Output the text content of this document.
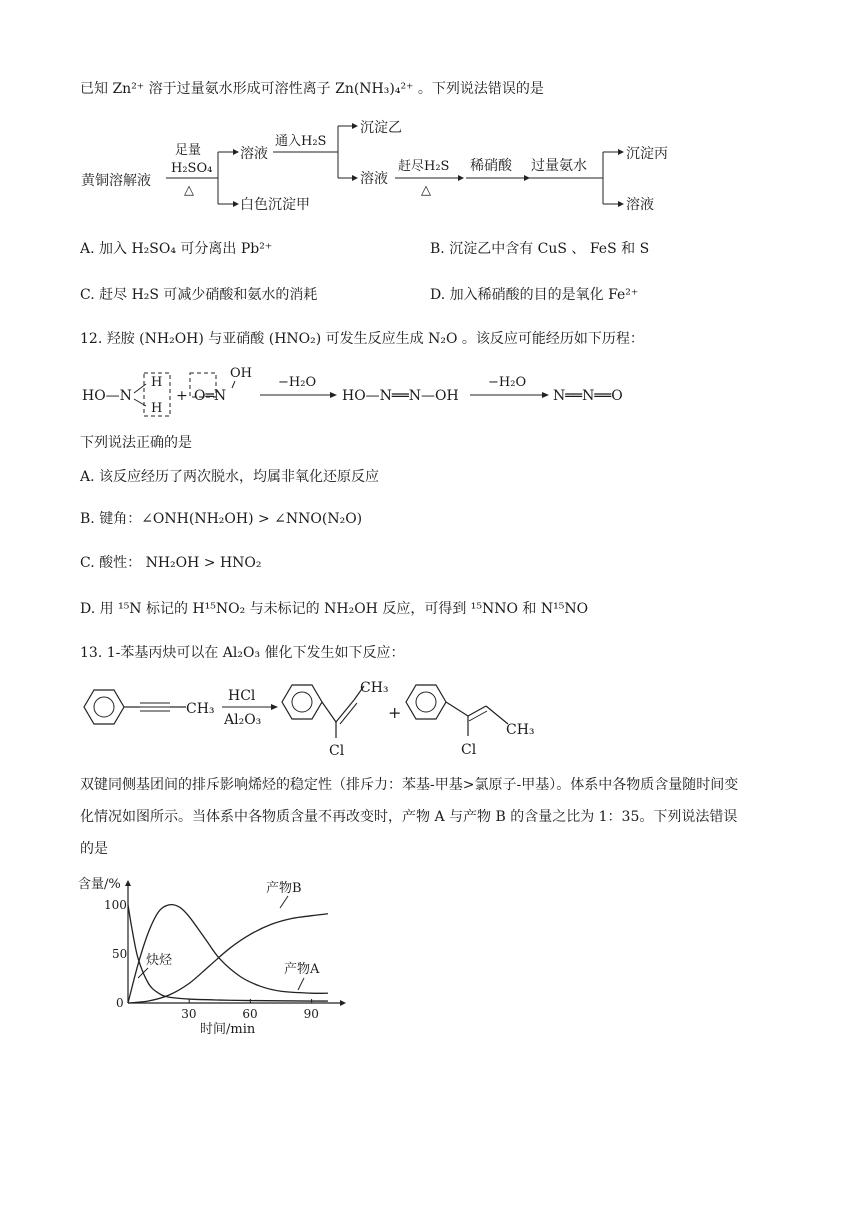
已知 Zn²⁺ 溶于过量氨水形成可溶性离子 Zn(NH₃)₄²⁺ 。下列说法错误的是
黄铜溶解液
足量
H₂SO₄
△
溶液
白色沉淀甲
通入H₂S
沉淀乙
溶液
赶尽H₂S
△
稀硝酸 过量氨水
沉淀丙
溶液
A. 加入 H₂SO₄ 可分离出 Pb²⁺	B. 沉淀乙中含有 CuS 、 FeS 和 S
C. 赶尽 H₂S 可减少硝酸和氨水的消耗	D. 加入稀硝酸的目的是氧化 Fe²⁺
12. 羟胺 (NH₂OH) 与亚硝酸 (HNO₂) 可发生反应生成 N₂O 。该反应可能经历如下历程：
HO—N
H
H
+ O═N
OH
−H₂O
HO—N══N—OH
−H₂O
N══N══O
下列说法正确的是
A. 该反应经历了两次脱水，均属非氧化还原反应
B. 键角：∠ONH(NH₂OH) > ∠NNO(N₂O)
C. 酸性： NH₂OH > HNO₂
D. 用 ¹⁵N 标记的 H¹⁵NO₂ 与未标记的 NH₂OH 反应，可得到 ¹⁵NNO 和 N¹⁵NO
13. 1-苯基丙炔可以在 Al₂O₃ 催化下发生如下反应：
CH₃
HCl
Al₂O₃
CH₃
Cl
+
CH₃
Cl
双键同侧基团间的排斥影响烯烃的稳定性（排斥力：苯基-甲基>氯原子-甲基）。体系中各物质含量随时间变
化情况如图所示。当体系中各物质含量不再改变时，产物 A 与产物 B 的含量之比为 1：35。下列说法错误
的是
含量/%
时间/min
0
30	60	90
50
100
产物B
炔烃
产物A
